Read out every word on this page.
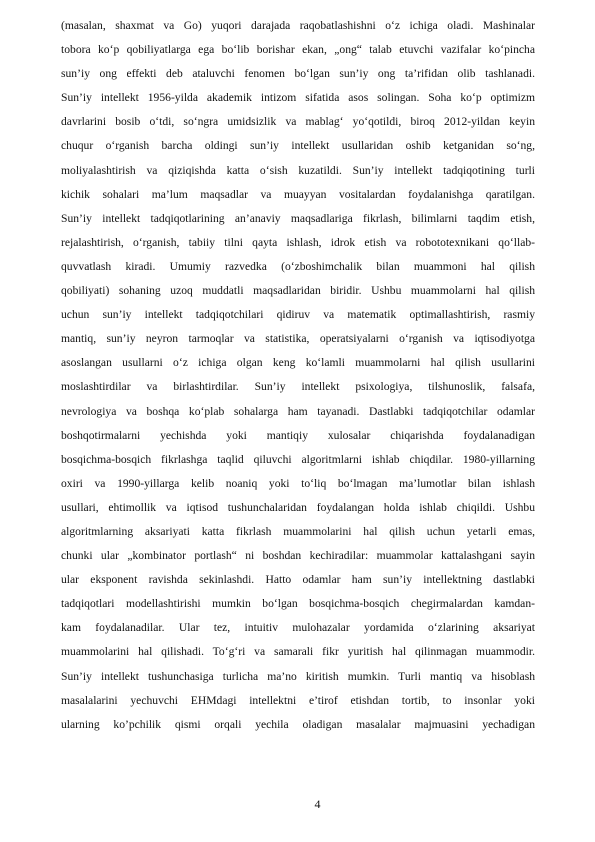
(masalan, shaxmat va Go) yuqori darajada raqobatlashishni o‘z ichiga oladi. Mashinalar
tobora ko‘p qobiliyatlarga ega bo‘lib borishar ekan, „ong“ talab etuvchi vazifalar ko‘pincha
sun’iy ong effekti deb ataluvchi fenomen bo‘lgan sun’iy ong ta’rifidan olib tashlanadi.
Sun’iy intellekt 1956-yilda akademik intizom sifatida asos solingan. Soha ko‘p optimizm
davrlarini bosib o‘tdi, so‘ngra umidsizlik va mablag‘ yo‘qotildi, biroq 2012-yildan keyin
chuqur o‘rganish barcha oldingi sun’iy intellekt usullaridan oshib ketganidan so‘ng,
moliyalashtirish va qiziqishda katta o‘sish kuzatildi. Sun’iy intellekt tadqiqotining turli
kichik sohalari ma’lum maqsadlar va muayyan vositalardan foydalanishga qaratilgan.
Sun’iy intellekt tadqiqotlarining an’anaviy maqsadlariga fikrlash, bilimlarni taqdim etish,
rejalashtirish, o‘rganish, tabiiy tilni qayta ishlash, idrok etish va robototexnikani qo‘llab-
quvvatlash kiradi. Umumiy razvedka (o‘zboshimchalik bilan muammoni hal qilish
qobiliyati) sohaning uzoq muddatli maqsadlaridan biridir. Ushbu muammolarni hal qilish
uchun sun’iy intellekt tadqiqotchilari qidiruv va matematik optimallashtirish, rasmiy
mantiq, sun’iy neyron tarmoqlar va statistika, operatsiyalarni o‘rganish va iqtisodiyotga
asoslangan usullarni o‘z ichiga olgan keng ko‘lamli muammolarni hal qilish usullarini
moslashtirdilar va birlashtirdilar. Sun’iy intellekt psixologiya, tilshunoslik, falsafa,
nevrologiya va boshqa ko‘plab sohalarga ham tayanadi. Dastlabki tadqiqotchilar odamlar
boshqotirmalarni yechishda yoki mantiqiy xulosalar chiqarishda foydalanadigan
bosqichma-bosqich fikrlashga taqlid qiluvchi algoritmlarni ishlab chiqdilar. 1980-yillarning
oxiri va 1990-yillarga kelib noaniq yoki to‘liq bo‘lmagan ma’lumotlar bilan ishlash
usullari, ehtimollik va iqtisod tushunchalaridan foydalangan holda ishlab chiqildi. Ushbu
algoritmlarning aksariyati katta fikrlash muammolarini hal qilish uchun yetarli emas,
chunki ular „kombinator portlash“ ni boshdan kechiradilar: muammolar kattalashgani sayin
ular eksponent ravishda sekinlashdi. Hatto odamlar ham sun’iy intellektning dastlabki
tadqiqotlari modellashtirishi mumkin bo‘lgan bosqichma-bosqich chegirmalardan kamdan-
kam foydalanadilar. Ular tez, intuitiv mulohazalar yordamida o‘zlarining aksariyat
muammolarini hal qilishadi. To‘g‘ri va samarali fikr yuritish hal qilinmagan muammodir.
Sun’iy intellekt tushunchasiga turlicha ma’no kiritish mumkin. Turli mantiq va hisoblash
masalalarini yechuvchi EHMdagi intellektni e’tirof etishdan tortib, to insonlar yoki
ularning ko’pchilik qismi orqali yechila oladigan masalalar majmuasini yechadigan
4
